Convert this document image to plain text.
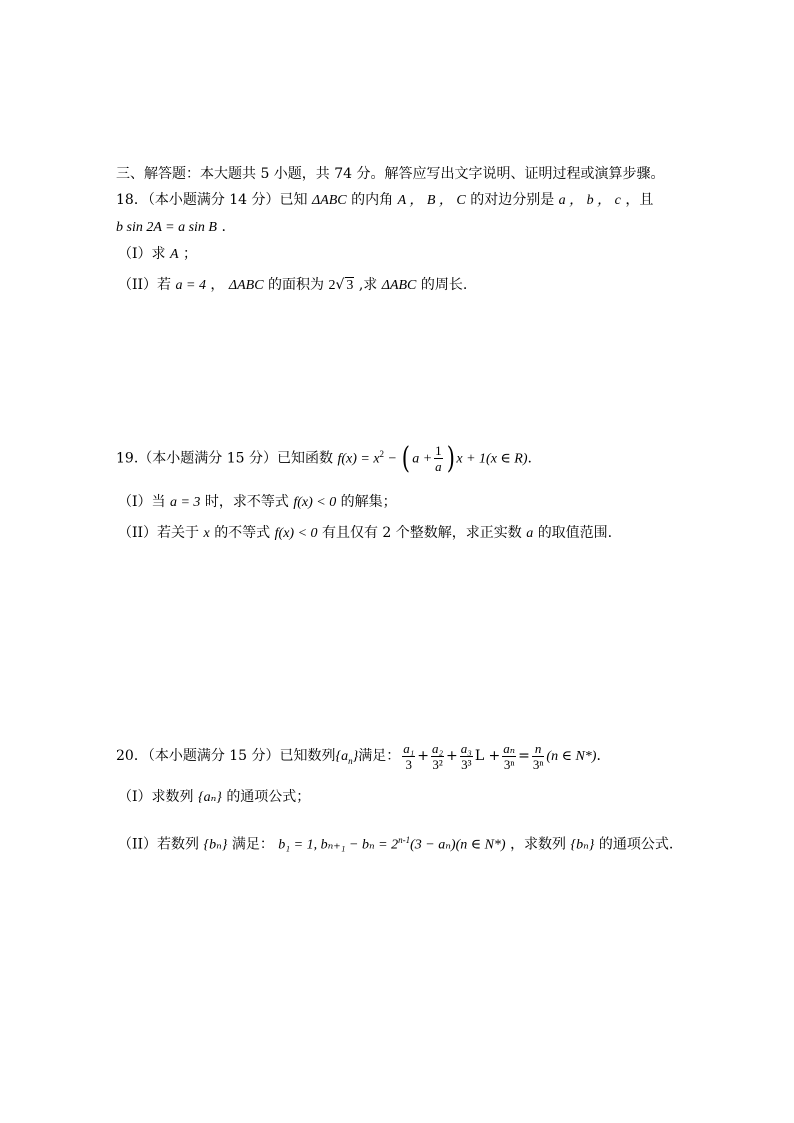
三、解答题：本大题共 5 小题，共 74 分。解答应写出文字说明、证明过程或演算步骤。
18．（本小题满分 14 分）已知 ΔABC 的内角 A ， B ， C 的对边分别是 a ， b ， c ，且
b sin 2A = a sin B .
（I）求 A ；
（II）若 a = 4 ， ΔABC 的面积为 2√ 3 ,求 ΔABC 的周长.
19.（本小题满分 15 分）已知函数 $f(x) = x^2$ − ( $a + \frac{1}{a}$ ) x + 1(x ∈ R).
（I）当 a = 3 时，求不等式 f(x) < 0 的解集；
（II）若关于 x 的不等式 f(x) < 0 有且仅有 2 个整数解，求正实数 a 的取值范围.
20．（本小题满分 15 分）已知数列$\{a_n\}$满足： $\frac{\text{a₁}}{3} + \frac{\text{a₂}}{\text{3²}} + \frac{\text{a₃}}{\text{3³}}$ $L + \frac{\text{aₙ}}{\text{3ⁿ}} = \frac{n}{\text{3ⁿ}} (n$ ∈ N*)．
（I）求数列 {aₙ} 的通项公式；
（II）若数列 {bₙ} 满足： b₁ = 1, $b_{n+1} - b_n = 2^{n-1}(3 - a_n)(n$ ∈ N*) ，求数列 {bₙ} 的通项公式.
